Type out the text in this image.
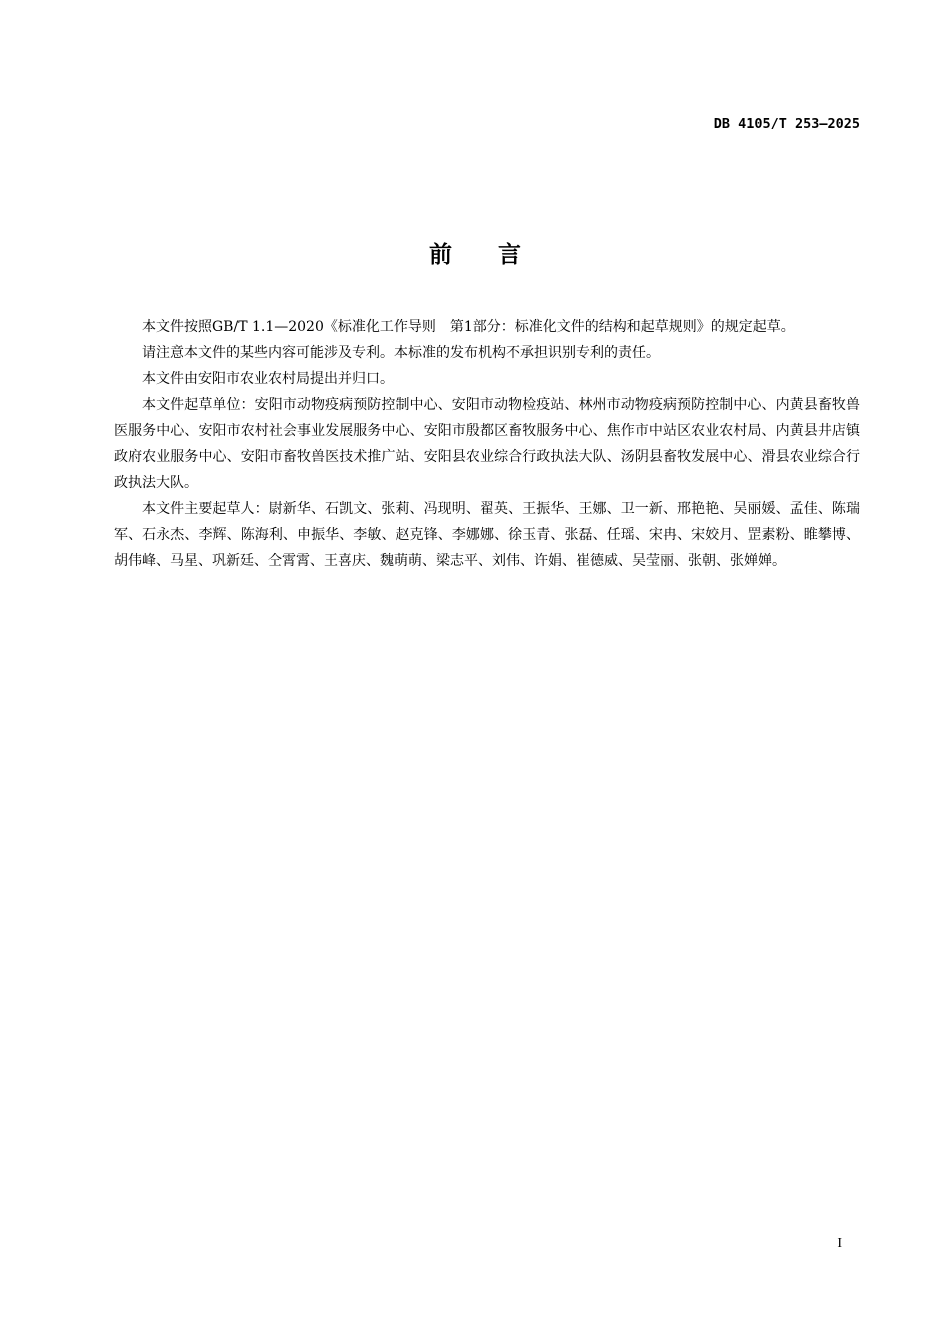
DB 4105/T 253—2025
前　　言

本文件按照GB/T 1.1—2020《标准化工作导则　第1部分：标准化文件的结构和起草规则》的规定起草。

请注意本文件的某些内容可能涉及专利。本标准的发布机构不承担识别专利的责任。

本文件由安阳市农业农村局提出并归口。

本文件起草单位：安阳市动物疫病预防控制中心、安阳市动物检疫站、林州市动物疫病预防控制中心、内黄县畜牧兽医服务中心、安阳市农村社会事业发展服务中心、安阳市殷都区畜牧服务中心、焦作市中站区农业农村局、内黄县井店镇政府农业服务中心、安阳市畜牧兽医技术推广站、安阳县农业综合行政执法大队、汤阴县畜牧发展中心、滑县农业综合行政执法大队。

本文件主要起草人：尉新华、石凯文、张莉、冯现明、翟英、王振华、王娜、卫一新、邢艳艳、吴丽媛、孟佳、陈瑞军、石永杰、李辉、陈海利、申振华、李敏、赵克锋、李娜娜、徐玉青、张磊、任瑶、宋冉、宋姣月、罡素粉、睢攀博、胡伟峰、马星、巩新廷、仝霄霄、王喜庆、魏萌萌、梁志平、刘伟、许娟、崔德威、吴莹丽、张朝、张婵婵。

I
